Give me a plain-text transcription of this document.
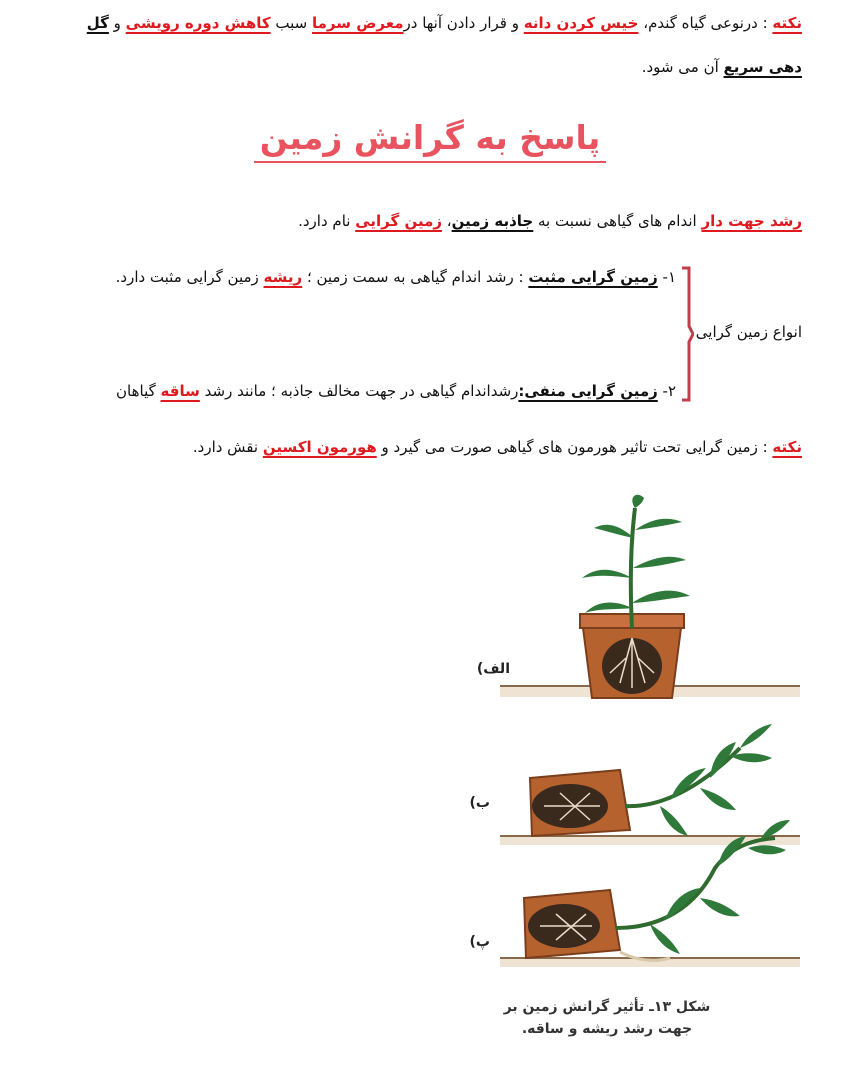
نکته : درنوعی گیاه گندم، خیس کردن دانه و قرار دادن آنها درمعرض سرما سبب کاهش دوره رویشی و گل
دهی سریع آن می شود.
پاسخ به گرانش زمین
رشد جهت دار اندام های گیاهی نسبت به جاذبه زمین، زمین گرایی نام دارد.
انواع زمین گرایی
۱- زمین گرایی مثبت : رشد اندام گیاهی به سمت زمین ؛ ریشه زمین گرایی مثبت دارد.
۲- زمین گرایی منفی:رشداندام گیاهی در جهت مخالف جاذبه ؛ مانند رشد ساقه گیاهان
نکته : زمین گرایی تحت تاثیر هورمون های گیاهی صورت می گیرد و هورمون اکسین نقش دارد.
الف)
ب)
پ)
شکل ۱۳ـ تأثیر گرانش زمین بر
جهت رشد ریشه و ساقه.
